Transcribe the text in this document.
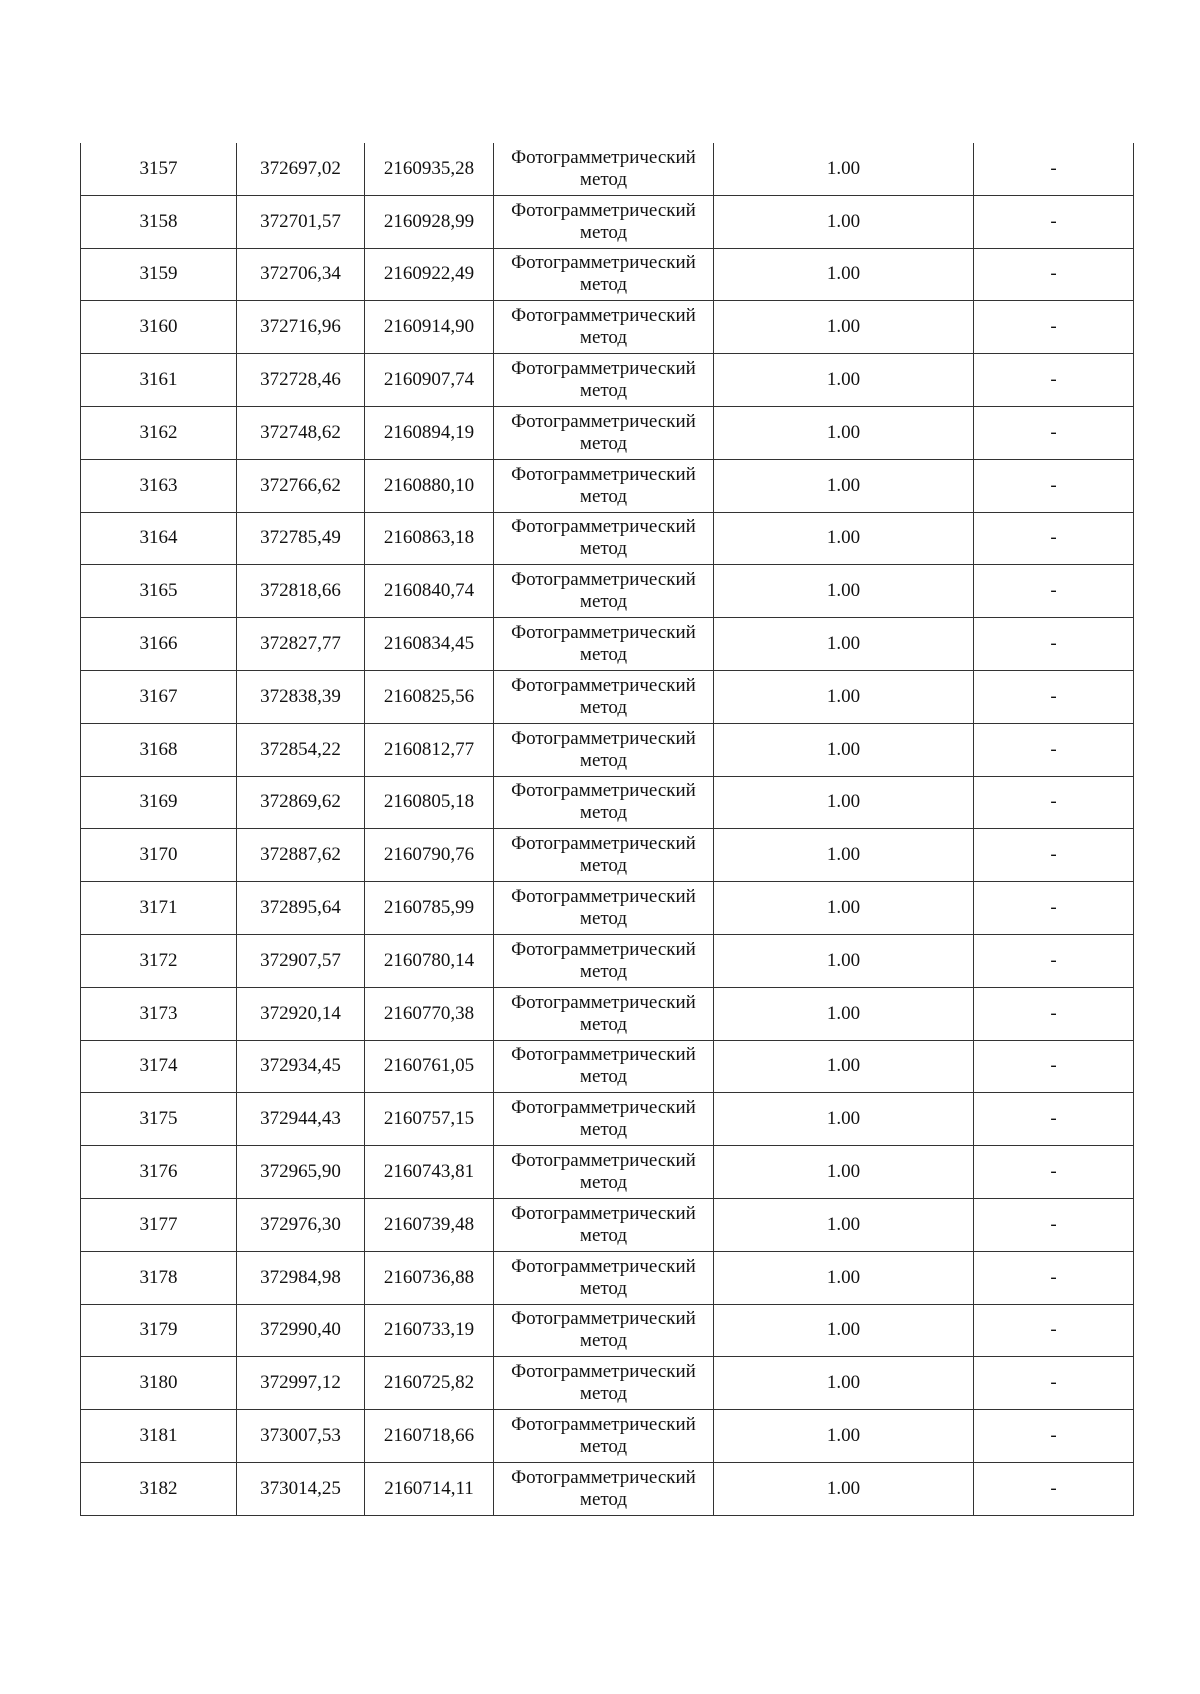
3157	372697,02	2160935,28	Фотограмметрический
метод	1.00	-
3158	372701,57	2160928,99	Фотограмметрический
метод	1.00	-
3159	372706,34	2160922,49	Фотограмметрический
метод	1.00	-
3160	372716,96	2160914,90	Фотограмметрический
метод	1.00	-
3161	372728,46	2160907,74	Фотограмметрический
метод	1.00	-
3162	372748,62	2160894,19	Фотограмметрический
метод	1.00	-
3163	372766,62	2160880,10	Фотограмметрический
метод	1.00	-
3164	372785,49	2160863,18	Фотограмметрический
метод	1.00	-
3165	372818,66	2160840,74	Фотограмметрический
метод	1.00	-
3166	372827,77	2160834,45	Фотограмметрический
метод	1.00	-
3167	372838,39	2160825,56	Фотограмметрический
метод	1.00	-
3168	372854,22	2160812,77	Фотограмметрический
метод	1.00	-
3169	372869,62	2160805,18	Фотограмметрический
метод	1.00	-
3170	372887,62	2160790,76	Фотограмметрический
метод	1.00	-
3171	372895,64	2160785,99	Фотограмметрический
метод	1.00	-
3172	372907,57	2160780,14	Фотограмметрический
метод	1.00	-
3173	372920,14	2160770,38	Фотограмметрический
метод	1.00	-
3174	372934,45	2160761,05	Фотограмметрический
метод	1.00	-
3175	372944,43	2160757,15	Фотограмметрический
метод	1.00	-
3176	372965,90	2160743,81	Фотограмметрический
метод	1.00	-
3177	372976,30	2160739,48	Фотограмметрический
метод	1.00	-
3178	372984,98	2160736,88	Фотограмметрический
метод	1.00	-
3179	372990,40	2160733,19	Фотограмметрический
метод	1.00	-
3180	372997,12	2160725,82	Фотограмметрический
метод	1.00	-
3181	373007,53	2160718,66	Фотограмметрический
метод	1.00	-
3182	373014,25	2160714,11	Фотограмметрический
метод	1.00	-
